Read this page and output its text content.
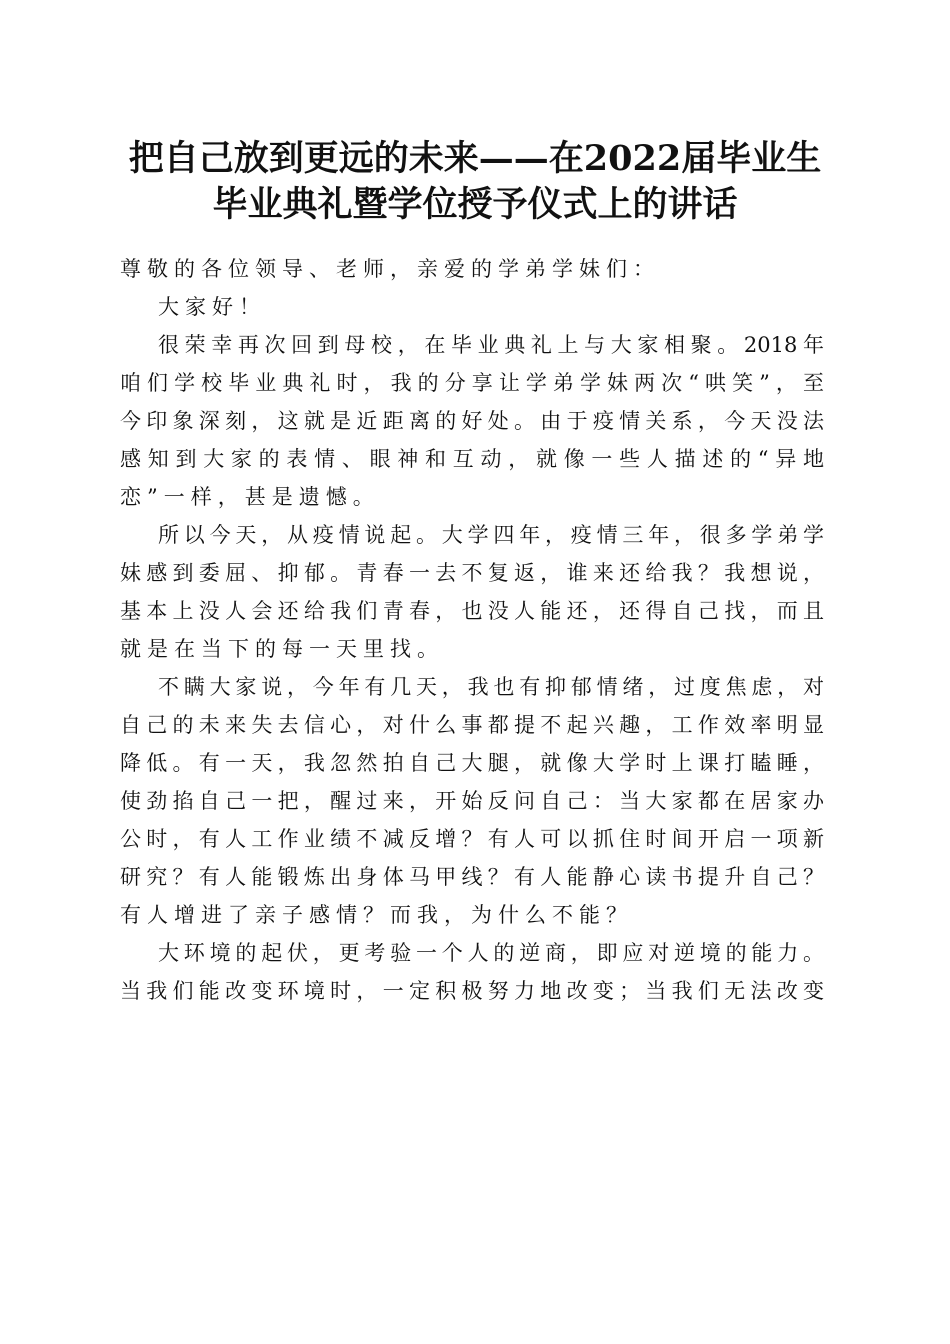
把自己放到更远的未来——在2022届毕业生
毕业典礼暨学位授予仪式上的讲话
尊敬的各位领导、老师，亲爱的学弟学妹们：
大家好！
很荣幸再次回到母校，在毕业典礼上与大家相聚。2018年
咱们学校毕业典礼时，我的分享让学弟学妹两次“哄笑”，至
今印象深刻，这就是近距离的好处。由于疫情关系，今天没法
感知到大家的表情、眼神和互动，就像一些人描述的“异地
恋”一样，甚是遗憾。
所以今天，从疫情说起。大学四年，疫情三年，很多学弟学
妹感到委屈、抑郁。青春一去不复返，谁来还给我？我想说，
基本上没人会还给我们青春，也没人能还，还得自己找，而且
就是在当下的每一天里找。
不瞒大家说，今年有几天，我也有抑郁情绪，过度焦虑，对
自己的未来失去信心，对什么事都提不起兴趣，工作效率明显
降低。有一天，我忽然拍自己大腿，就像大学时上课打瞌睡，
使劲掐自己一把，醒过来，开始反问自己：当大家都在居家办
公时，有人工作业绩不减反增？有人可以抓住时间开启一项新
研究？有人能锻炼出身体马甲线？有人能静心读书提升自己？
有人增进了亲子感情？而我，为什么不能？
大环境的起伏，更考验一个人的逆商，即应对逆境的能力。
当我们能改变环境时，一定积极努力地改变；当我们无法改变
